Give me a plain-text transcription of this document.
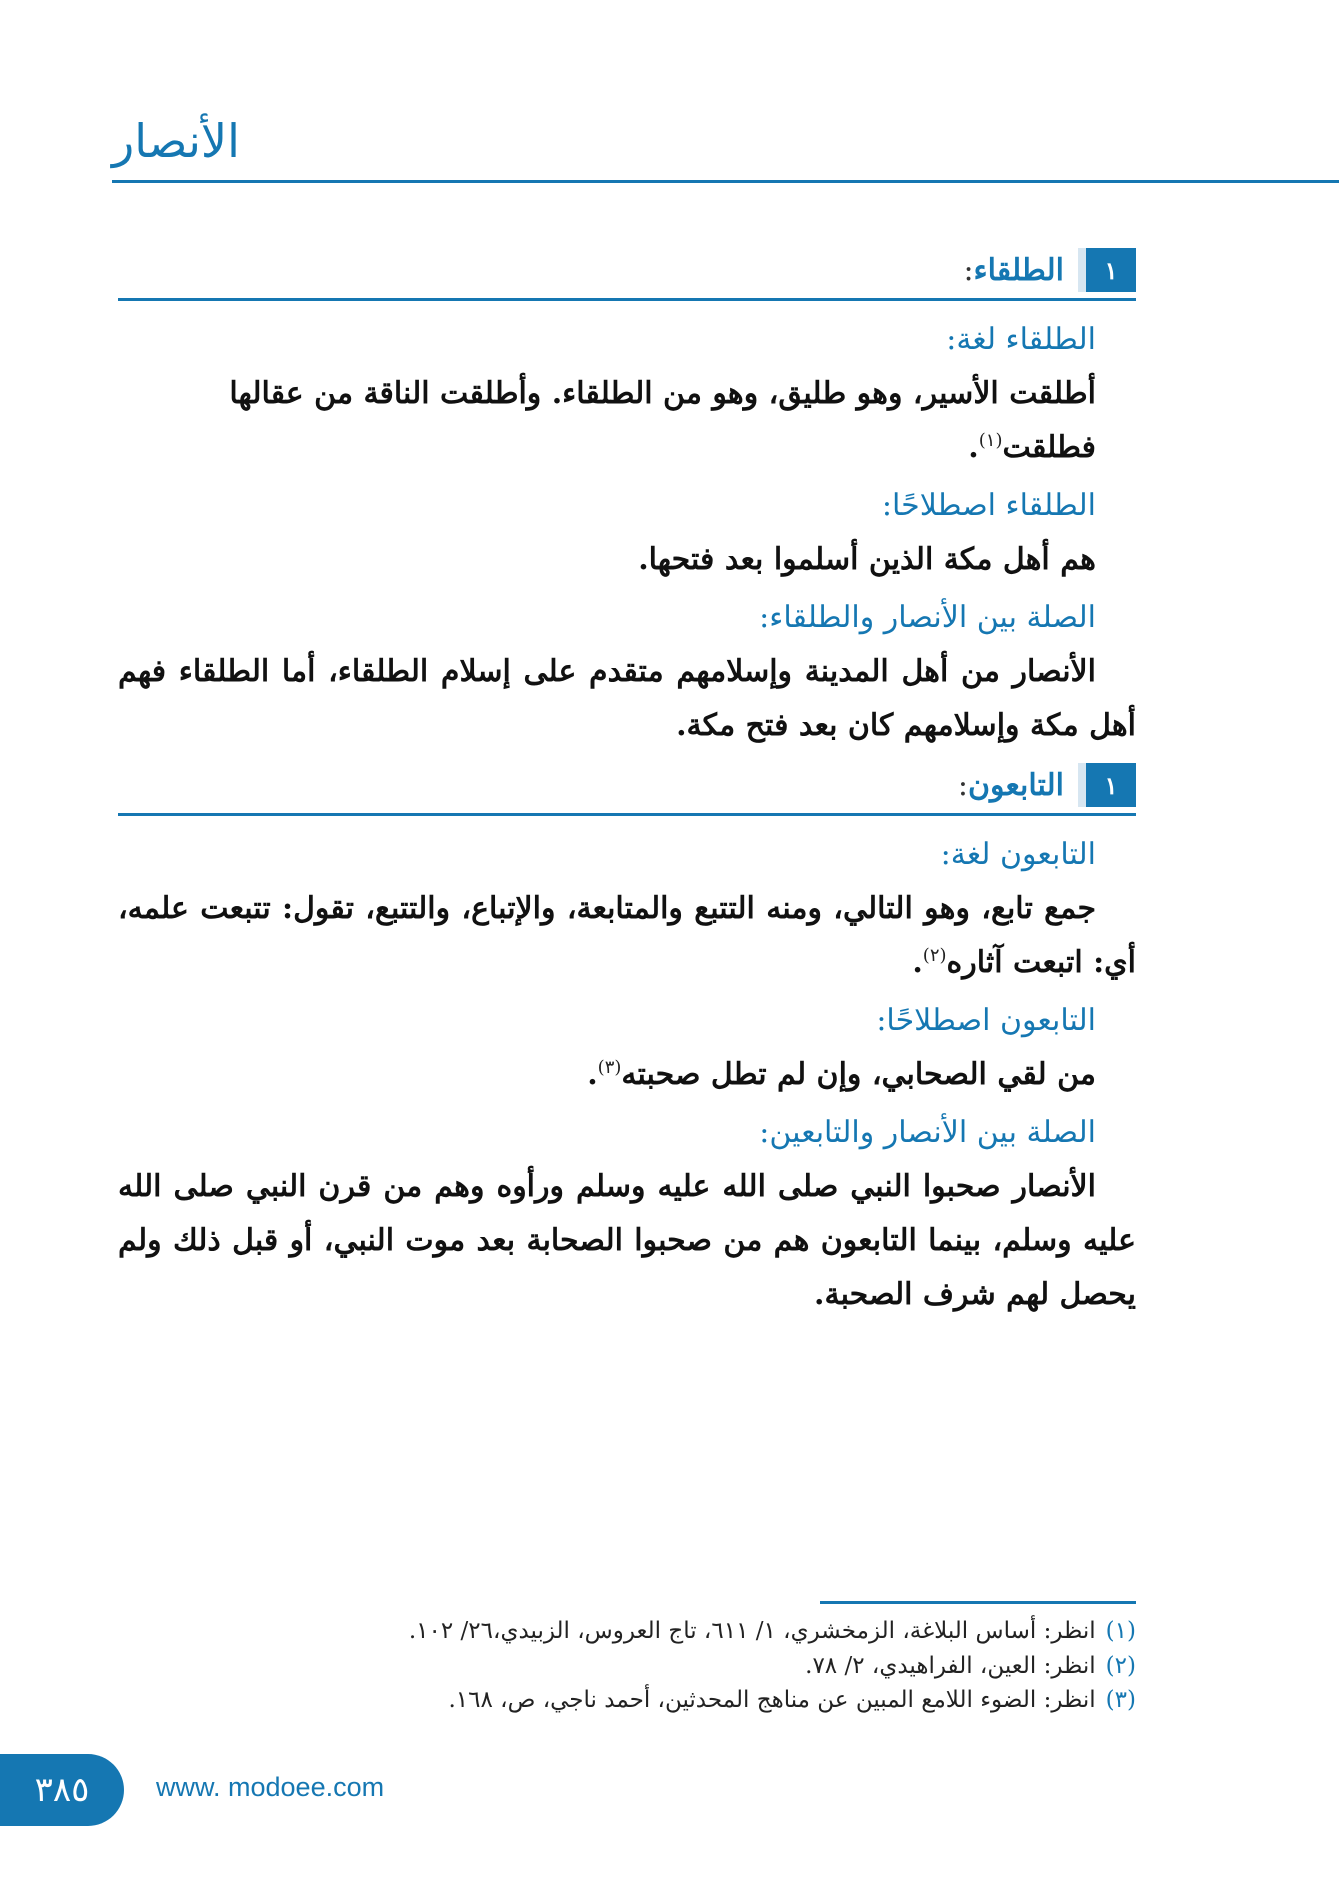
الأنصار
١
الطلقاء:
الطلقاء لغة:
أطلقت الأسير، وهو طليق، وهو من الطلقاء. وأطلقت الناقة من عقالها فطلقت$^{(١)}$.
الطلقاء اصطلاحًا:
هم أهل مكة الذين أسلموا بعد فتحها.
الصلة بين الأنصار والطلقاء:
الأنصار من أهل المدينة وإسلامهم متقدم على إسلام الطلقاء، أما الطلقاء فهم أهل مكة وإسلامهم كان بعد فتح مكة.
١
التابعون:
التابعون لغة:
جمع تابع، وهو التالي، ومنه التتبع والمتابعة، والإتباع، والتتبع، تقول: تتبعت علمه، أي: اتبعت آثاره$^{(٢)}$.
التابعون اصطلاحًا:
من لقي الصحابي، وإن لم تطل صحبته$^{(٣)}$.
الصلة بين الأنصار والتابعين:
الأنصار صحبوا النبي صلى الله عليه وسلم ورأوه وهم من قرن النبي صلى الله عليه وسلم، بينما التابعون هم من صحبوا الصحابة بعد موت النبي، أو قبل ذلك ولم يحصل لهم شرف الصحبة.
(١)انظر: أساس البلاغة، الزمخشري، ١/ ٦١١، تاج العروس، الزبيدي،٢٦/ ١٠٢.
(٢)انظر: العين، الفراهيدي، ٢/ ٧٨.
(٣)انظر: الضوء اللامع المبين عن مناهج المحدثين، أحمد ناجي، ص، ١٦٨.
٣٨٥	www. modoee.com
